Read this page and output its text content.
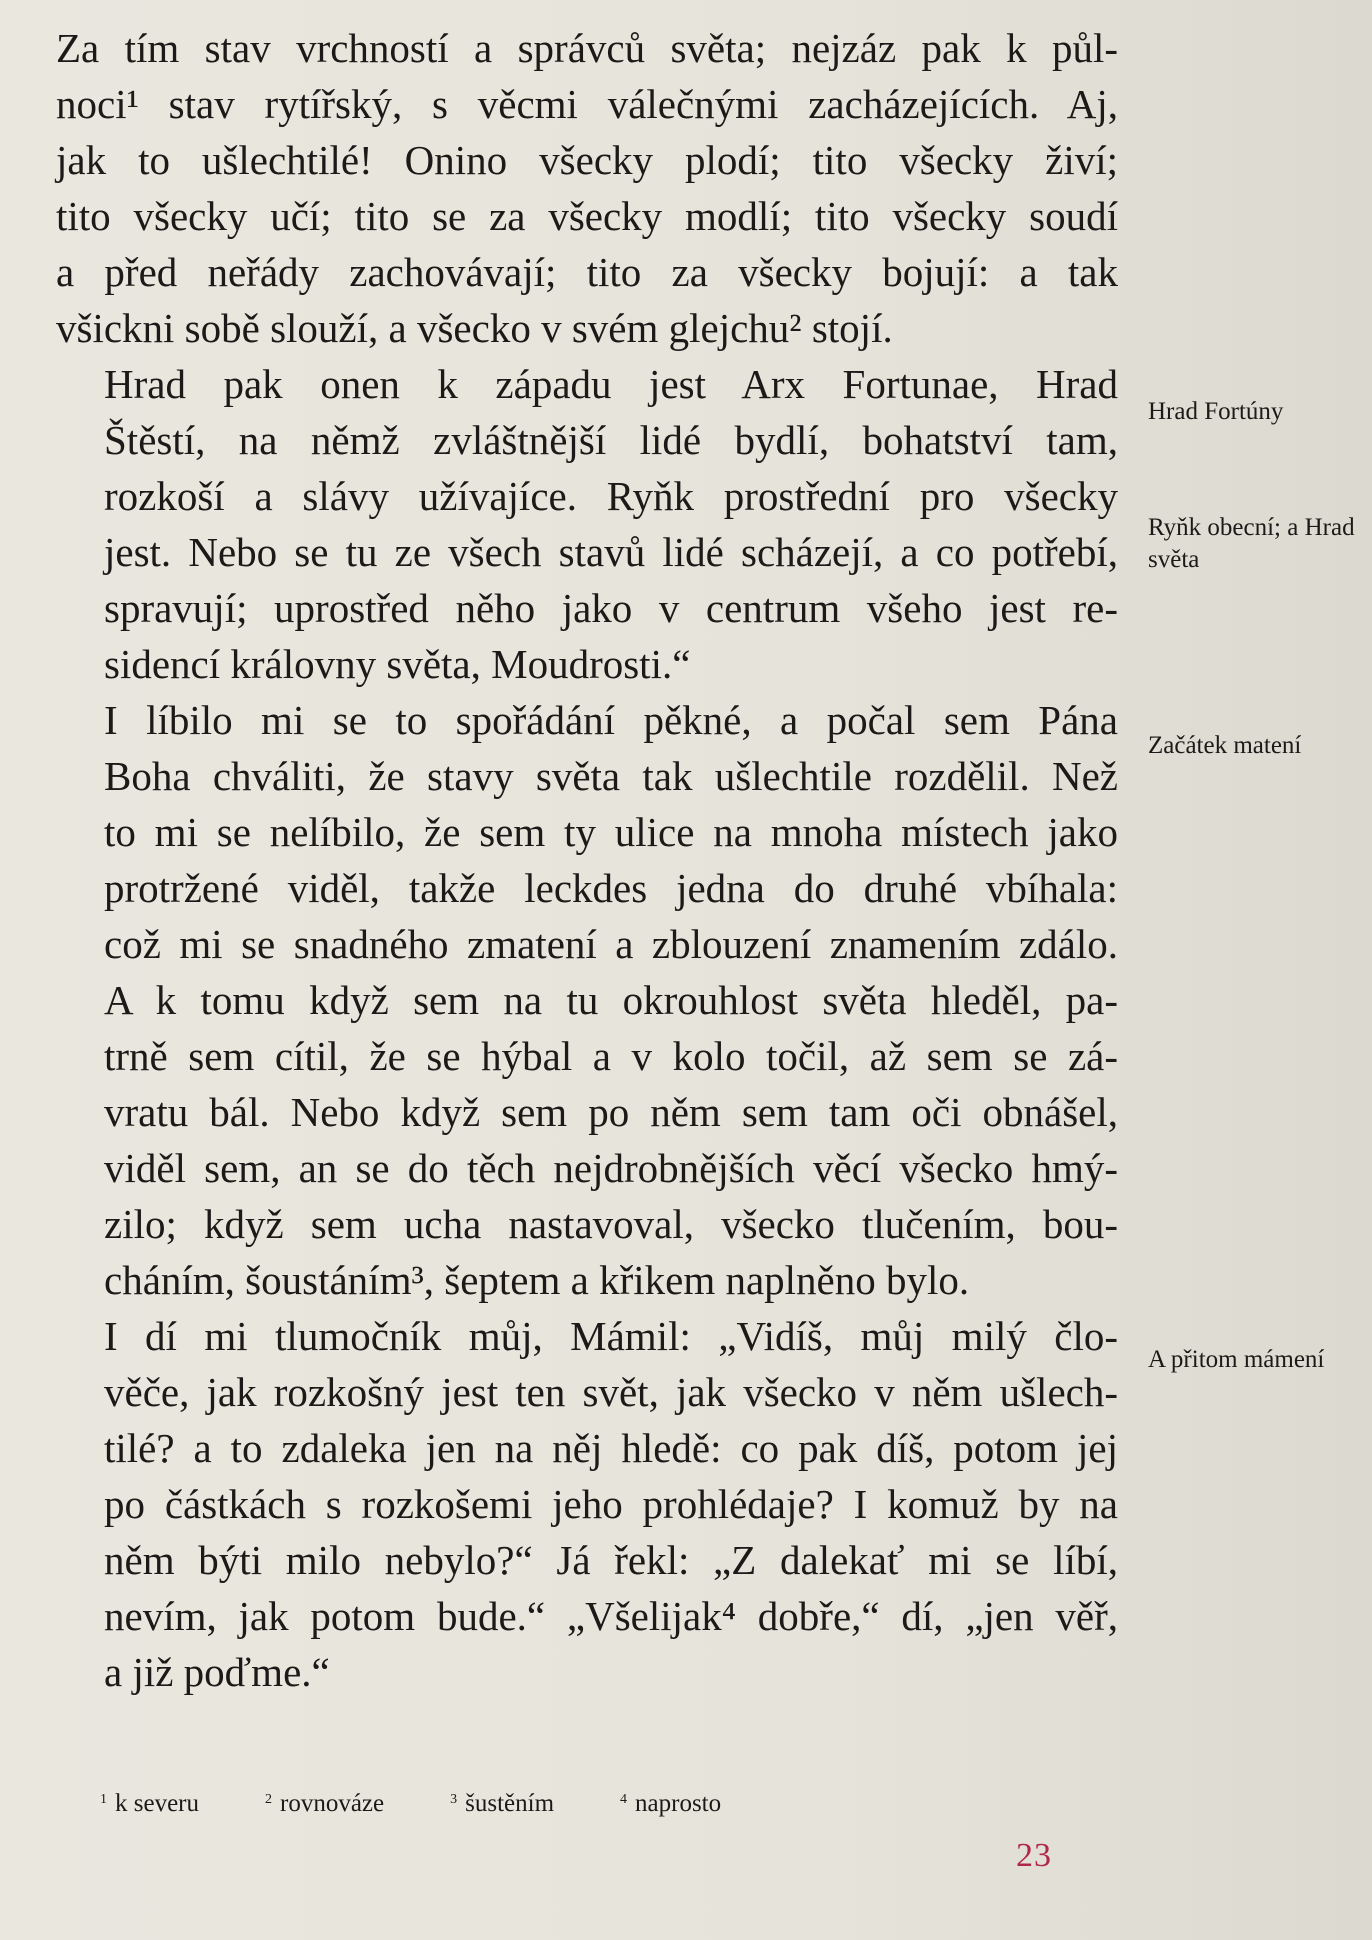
Za tím stav vrchností a správců světa; nejzáz pak k půl-
noci¹ stav rytířský, s věcmi válečnými zacházejících. Aj,
jak to ušlechtilé! Onino všecky plodí; tito všecky živí;
tito všecky učí; tito se za všecky modlí; tito všecky soudí
a před neřády zachovávají; tito za všecky bojují: a tak
všickni sobě slouží, a všecko v svém glejchu² stojí.

Hrad pak onen k západu jest Arx Fortunae, Hrad
Štěstí, na němž zvláštnější lidé bydlí, bohatství tam,
rozkoší a slávy užívajíce. Ryňk prostřední pro všecky
jest. Nebo se tu ze všech stavů lidé scházejí, a co potřebí,
spravují; uprostřed něho jako v centrum všeho jest re-
sidencí královny světa, Moudrosti.“

I líbilo mi se to spořádání pěkné, a počal sem Pána
Boha chváliti, že stavy světa tak ušlechtile rozdělil. Než
to mi se nelíbilo, že sem ty ulice na mnoha místech jako
protržené viděl, takže leckdes jedna do druhé vbíhala:
což mi se snadného zmatení a zblouzení znamením zdálo.
A k tomu když sem na tu okrouhlost světa hleděl, pa-
trně sem cítil, že se hýbal a v kolo točil, až sem se zá-
vratu bál. Nebo když sem po něm sem tam oči obnášel,
viděl sem, an se do těch nejdrobnějších věcí všecko hmý-
zilo; když sem ucha nastavoval, všecko tlučením, bou-
cháním, šoustáním³, šeptem a křikem naplněno bylo.

I dí mi tlumočník můj, Mámil: „Vidíš, můj milý člo-
věče, jak rozkošný jest ten svět, jak všecko v něm ušlech-
tilé? a to zdaleka jen na něj hledě: co pak díš, potom jej
po částkách s rozkošemi jeho prohlédaje? I komuž by na
něm býti milo nebylo?“ Já řekl: „Z dalekať mi se líbí,
nevím, jak potom bude.“ „Všelijak⁴ dobře,“ dí, „jen věř,
a již poďme.“

Hrad Fortúny
Ryňk obecní; a Hrad světa
Začátek matení
A přitom mámení
$^1$ k severu	$^2$ rovnováze	$^3$ šustěním	$^4$ naprosto
23
